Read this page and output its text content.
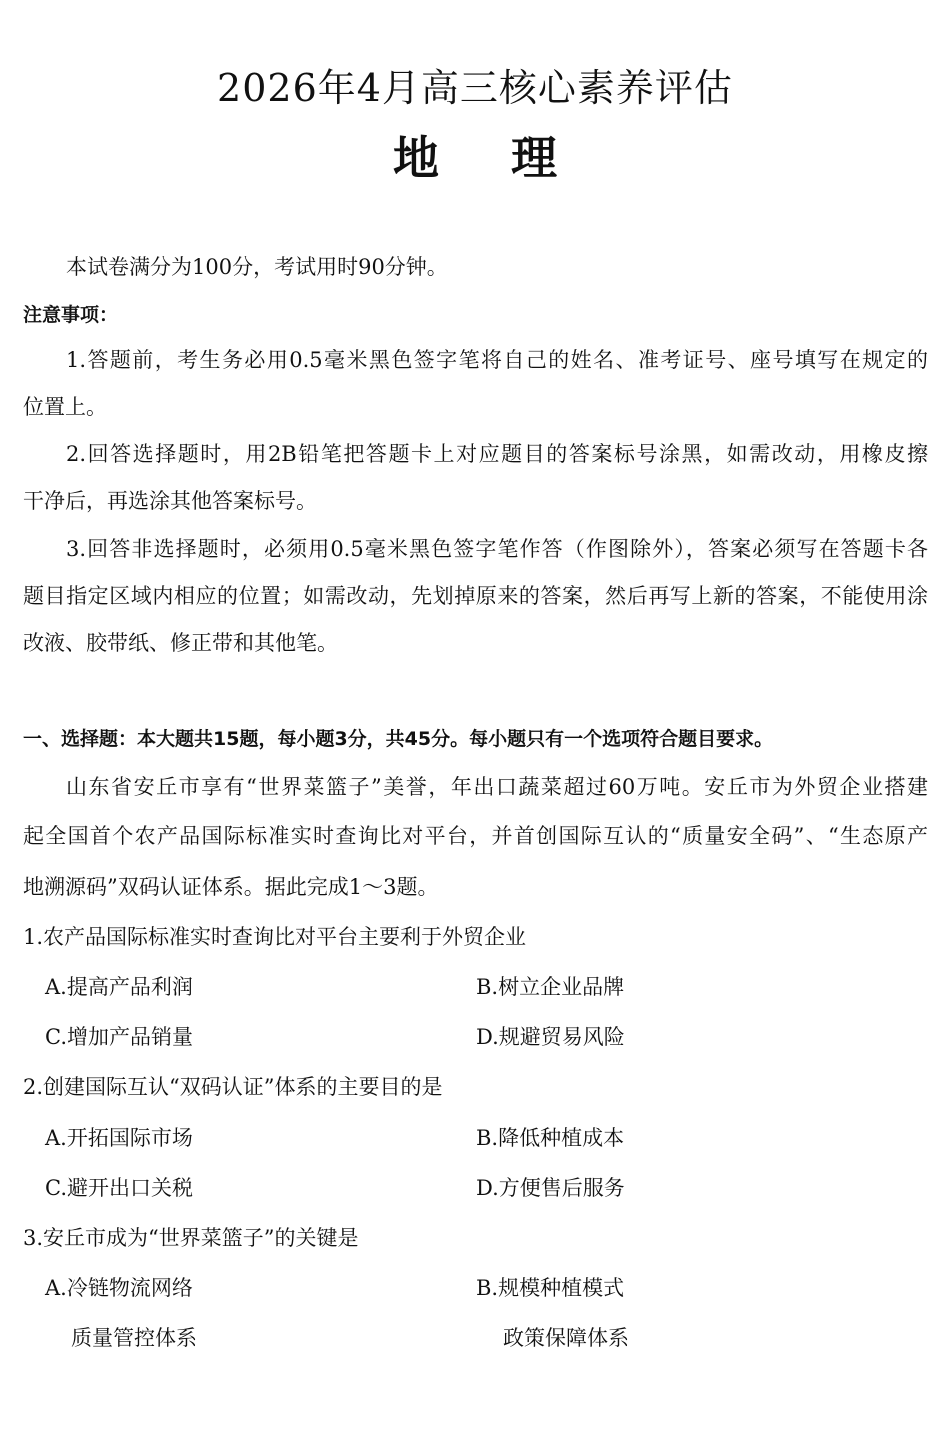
2026年4月高三核心素养评估
地 理
本试卷满分为100分，考试用时90分钟。
注意事项：
1.答题前，考生务必用0.5毫米黑色签字笔将自己的姓名、准考证号、座号填写在规定的
位置上。
2.回答选择题时，用2B铅笔把答题卡上对应题目的答案标号涂黑，如需改动，用橡皮擦
干净后，再选涂其他答案标号。
3.回答非选择题时，必须用0.5毫米黑色签字笔作答（作图除外），答案必须写在答题卡各
题目指定区域内相应的位置；如需改动，先划掉原来的答案，然后再写上新的答案，不能使用涂
改液、胶带纸、修正带和其他笔。
一、选择题：本大题共15题，每小题3分，共45分。每小题只有一个选项符合题目要求。
山东省安丘市享有“世界菜篮子”美誉，年出口蔬菜超过60万吨。安丘市为外贸企业搭建
起全国首个农产品国际标准实时查询比对平台，并首创国际互认的“质量安全码”、“生态原产
地溯源码”双码认证体系。据此完成1～3题。
1.农产品国际标准实时查询比对平台主要利于外贸企业
A.提高产品利润	B.树立企业品牌
C.增加产品销量	D.规避贸易风险
2.创建国际互认“双码认证”体系的主要目的是
A.开拓国际市场	B.降低种植成本
C.避开出口关税	D.方便售后服务
3.安丘市成为“世界菜篮子”的关键是
A.冷链物流网络	B.规模种植模式
质量管控体系	政策保障体系
